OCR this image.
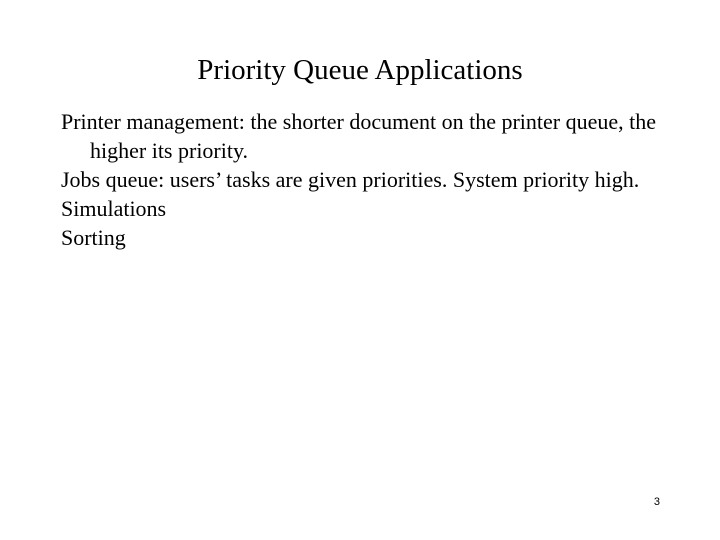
Priority Queue Applications
Printer management: the shorter document on the printer queue, the higher its priority.
Jobs queue: users’ tasks are given priorities. System priority high.
Simulations
Sorting
3
